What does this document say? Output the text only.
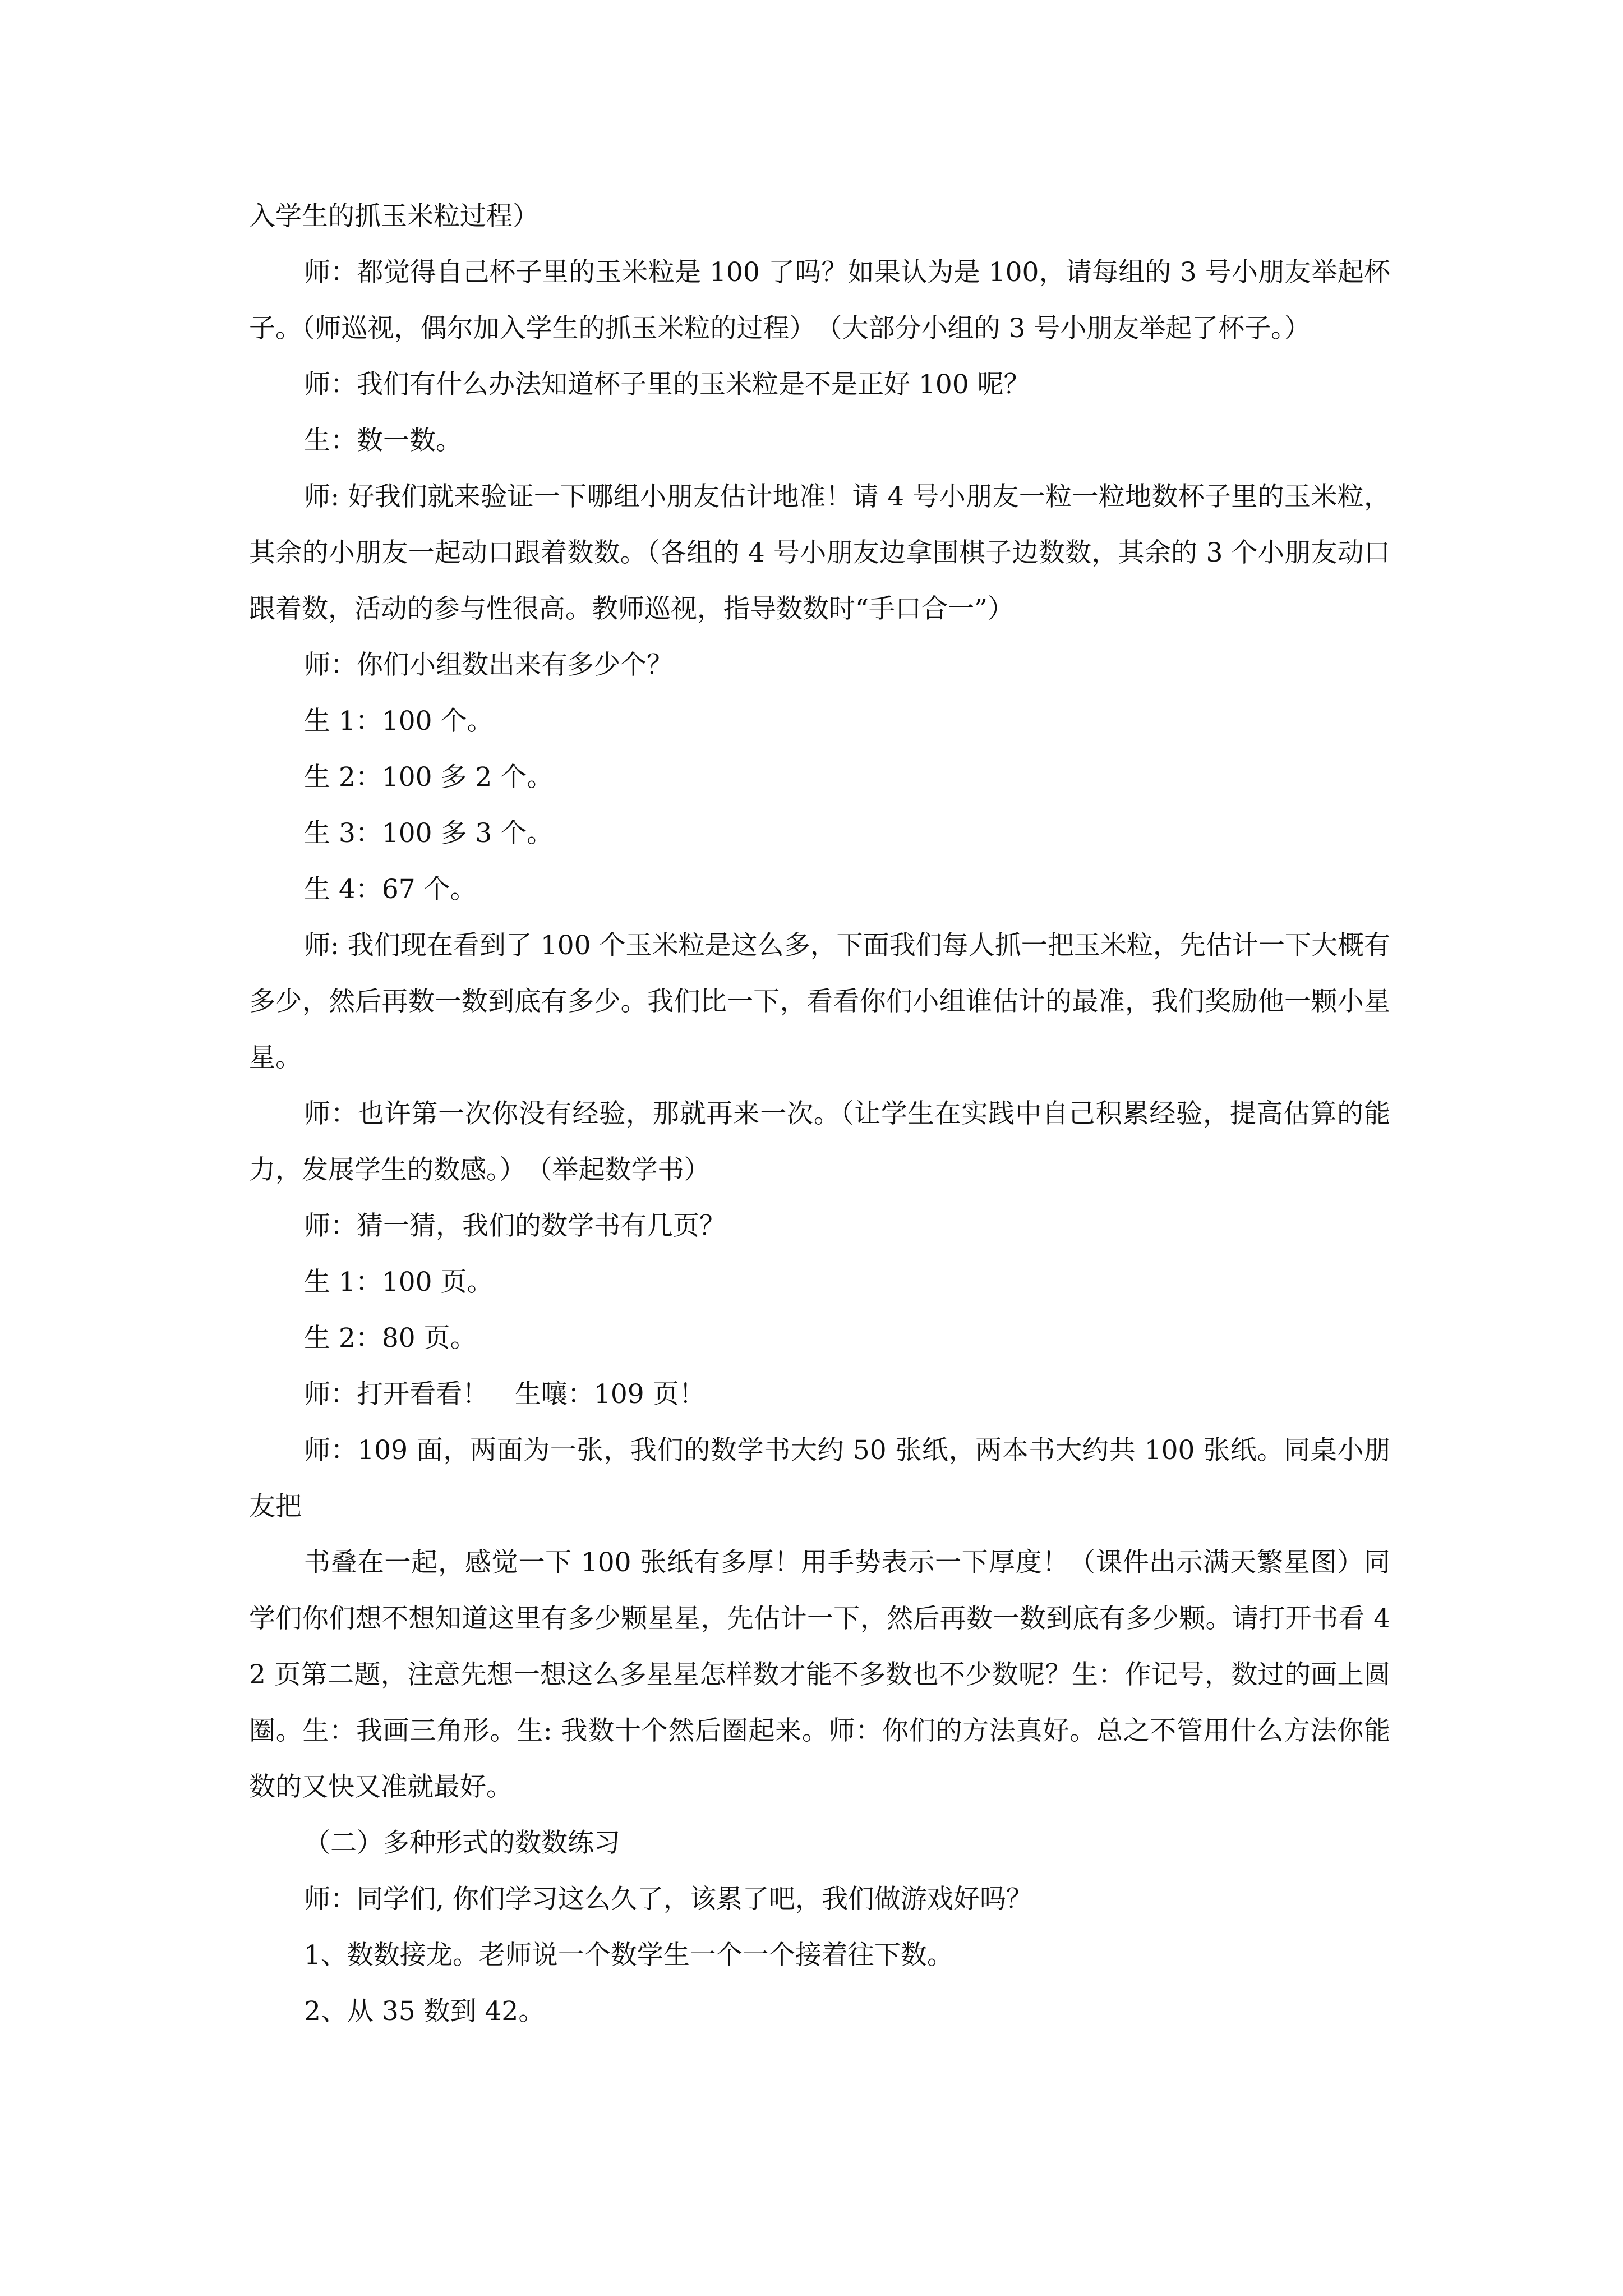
入学生的抓玉米粒过程）

师：都觉得自己杯子里的玉米粒是 100 了吗？如果认为是 100，请每组的 3 号小朋友举起杯子。（师巡视，偶尔加入学生的抓玉米粒的过程）　（大部分小组的 3 号小朋友举起了杯子。）

师：我们有什么办法知道杯子里的玉米粒是不是正好 100 呢？

生：数一数。

师: 好我们就来验证一下哪组小朋友估计地准！请 4 号小朋友一粒一粒地数杯子里的玉米粒，其余的小朋友一起动口跟着数数。（各组的 4 号小朋友边拿围棋子边数数，其余的 3 个小朋友动口跟着数，活动的参与性很高。教师巡视，指导数数时“手口合一”）

师：你们小组数出来有多少个？

生 1：100 个。

生 2：100 多 2 个。

生 3：100 多 3 个。

生 4：67 个。

师: 我们现在看到了 100 个玉米粒是这么多，下面我们每人抓一把玉米粒，先估计一下大概有多少，然后再数一数到底有多少。我们比一下，看看你们小组谁估计的最准，我们奖励他一颗小星星。

师：也许第一次你没有经验，那就再来一次。（让学生在实践中自己积累经验，提高估算的能力，发展学生的数感。）　（举起数学书）

师：猜一猜，我们的数学书有几页？

生 1：100 页。

生 2：80 页。

师：打开看看！　生嚷：109 页！

师：109 面，两面为一张，我们的数学书大约 50 张纸，两本书大约共 100 张纸。同桌小朋友把

书叠在一起，感觉一下 100 张纸有多厚！用手势表示一下厚度！（课件出示满天繁星图）同学们你们想不想知道这里有多少颗星星，先估计一下，然后再数一数到底有多少颗。请打开书看 42 页第二题，注意先想一想这么多星星怎样数才能不多数也不少数呢？生：作记号，数过的画上圆圈。生：我画三角形。生: 我数十个然后圈起来。师：你们的方法真好。总之不管用什么方法你能数的又快又准就最好。

（二）多种形式的数数练习

师：同学们, 你们学习这么久了，该累了吧，我们做游戏好吗？

1、数数接龙。老师说一个数学生一个一个接着往下数。

2、从 35 数到 42。
